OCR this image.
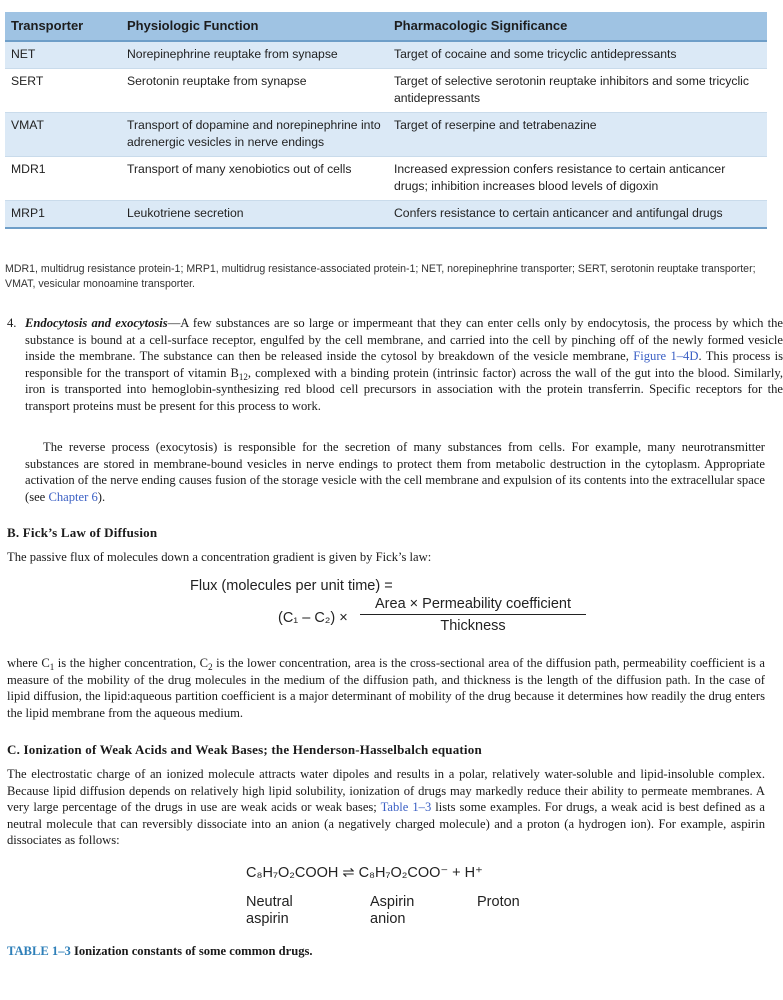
Transporter	Physiologic Function	Pharmacologic Significance
NET	Norepinephrine reuptake from synapse	Target of cocaine and some tricyclic antidepressants
SERT	Serotonin reuptake from synapse	Target of selective serotonin reuptake inhibitors and some tricyclic antidepressants
VMAT	Transport of dopamine and norepinephrine into adrenergic vesicles in nerve endings	Target of reserpine and tetrabenazine
MDR1	Transport of many xenobiotics out of cells	Increased expression confers resistance to certain anticancer drugs; inhibition increases blood levels of digoxin
MRP1	Leukotriene secretion	Confers resistance to certain anticancer and antifungal drugs
MDR1, multidrug resistance protein-1; MRP1, multidrug resistance-associated protein-1; NET, norepinephrine transporter; SERT, serotonin reuptake transporter; VMAT, vesicular monoamine transporter.
4. Endocytosis and exocytosis—A few substances are so large or impermeant that they can enter cells only by endocytosis, the process by which the substance is bound at a cell-surface receptor, engulfed by the cell membrane, and carried into the cell by pinching off of the newly formed vesicle inside the membrane. The substance can then be released inside the cytosol by breakdown of the vesicle membrane, Figure 1–4D. This process is responsible for the transport of vitamin $B_{12}$, complexed with a binding protein (intrinsic factor) across the wall of the gut into the blood. Similarly, iron is transported into hemoglobin-synthesizing red blood cell precursors in association with the protein transferrin. Specific receptors for the transport proteins must be present for this process to work.
The reverse process (exocytosis) is responsible for the secretion of many substances from cells. For example, many neurotransmitter substances are stored in membrane-bound vesicles in nerve endings to protect them from metabolic destruction in the cytoplasm. Appropriate activation of the nerve ending causes fusion of the storage vesicle with the cell membrane and expulsion of its contents into the extracellular space (see Chapter 6).
B. Fick’s Law of Diffusion
The passive flux of molecules down a concentration gradient is given by Fick’s law:
Flux (molecules per unit time) =
(C₁ – C₂) ×
Area × Permeability coefficient
Thickness
where $C_1$ is the higher concentration, $C_2$ is the lower concentration, area is the cross-sectional area of the diffusion path, permeability coefficient is a measure of the mobility of the drug molecules in the medium of the diffusion path, and thickness is the length of the diffusion path. In the case of lipid diffusion, the lipid:aqueous partition coefficient is a major determinant of mobility of the drug because it determines how readily the drug enters the lipid membrane from the aqueous medium.
C. Ionization of Weak Acids and Weak Bases; the Henderson-Hasselbalch equation
The electrostatic charge of an ionized molecule attracts water dipoles and results in a polar, relatively water-soluble and lipid-insoluble complex. Because lipid diffusion depends on relatively high lipid solubility, ionization of drugs may markedly reduce their ability to permeate membranes. A very large percentage of the drugs in use are weak acids or weak bases; Table 1–3 lists some examples. For drugs, a weak acid is best defined as a neutral molecule that can reversibly dissociate into an anion (a negatively charged molecule) and a proton (a hydrogen ion). For example, aspirin dissociates as follows:
C₈H₇O₂COOH ⇌ C₈H₇O₂COO⁻ + H⁺
Neutral
aspirin
Aspirin
anion
Proton
TABLE 1–3 Ionization constants of some common drugs.
